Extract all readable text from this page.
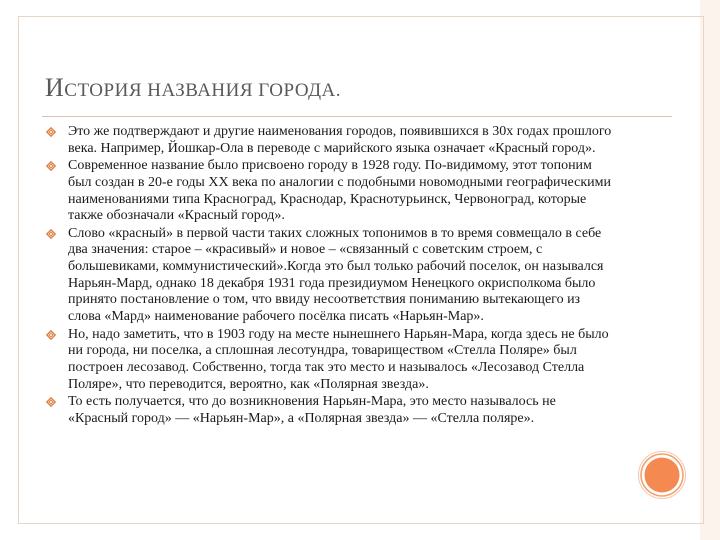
ИСТОРИЯ НАЗВАНИЯ ГОРОДА.
Это же подтверждают и другие наименования городов, появившихся в 30х годах прошлого века. Например, Йошкар-Ола в переводе с марийского языка означает «Красный город».
Современное название было присвоено городу в 1928 году. По-видимому, этот топоним был создан в 20-е годы XX века по аналогии с подобными новомодными географическими наименованиями типа Красноград, Краснодар, Краснотурьинск, Червоноград, которые также обозначали «Красный город».
Слово «красный» в первой части таких сложных топонимов в то время совмещало в себе два значения: старое – «красивый» и новое – «связанный с советским строем, с большевиками, коммунистический».Когда это был только рабочий поселок, он назывался Нарьян-Мард, однако 18 декабря 1931 года президиумом Ненецкого окрисполкома было принято постановление о том, что ввиду несоответствия пониманию вытекающего из слова «Мард» наименование рабочего посёлка писать «Нарьян-Мар».
Но, надо заметить, что в 1903 году на месте нынешнего Нарьян-Мара, когда здесь не было ни города, ни поселка, а сплошная лесотундра, товариществом «Стелла Поляре» был построен лесозавод. Собственно, тогда так это место и называлось «Лесозавод Стелла Поляре», что переводится, вероятно, как «Полярная звезда».
То есть получается, что до возникновения Нарьян-Мара, это место называлось не «Красный город» — «Нарьян-Мар», а «Полярная звезда» — «Стелла поляре».
